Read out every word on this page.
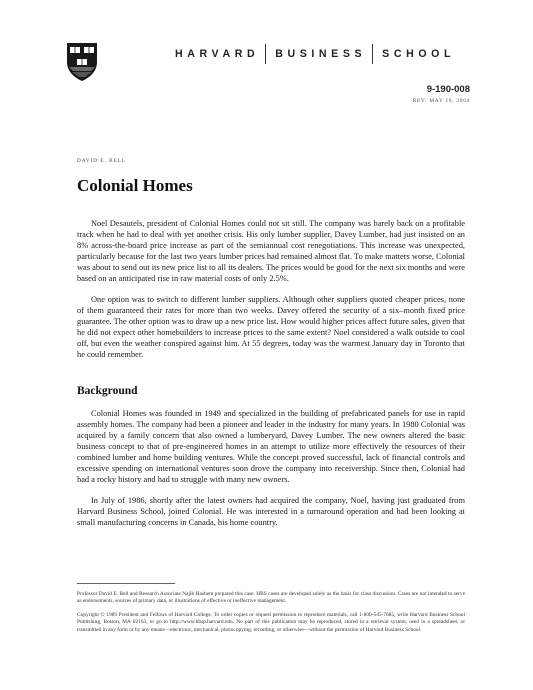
HARVARD BUSINESS SCHOOL
9-190-008
REV: MAY 10, 2004
DAVID E. BELL
Colonial Homes

Noel Desautels, president of Colonial Homes could not sit still. The company was barely back on a profitable track when he had to deal with yet another crisis. His only lumber supplier, Davey Lumber, had just insisted on an 8% across-the-board price increase as part of the semiannual cost renegotiations. This increase was unexpected, particularly because for the last two years lumber prices had remained almost flat. To make matters worse, Colonial was about to send out its new price list to all its dealers. The prices would be good for the next six months and were based on an anticipated rise in raw material costs of only 2.5%.

One option was to switch to different lumber suppliers. Although other suppliers quoted cheaper prices, none of them guaranteed their rates for more than two weeks. Davey offered the security of a six–month fixed price guarantee. The other option was to draw up a new price list. How would higher prices affect future sales, given that he did not expect other homebuilders to increase prices to the same extent? Noel considered a walk outside to cool off, but even the weather conspired against him. At 55 degrees, today was the warmest January day in Toronto that he could remember.

Background

Colonial Homes was founded in 1949 and specialized in the building of prefabricated panels for use in rapid assembly homes. The company had been a pioneer and leader in the industry for many years. In 1980 Colonial was acquired by a family concern that also owned a lumberyard, Davey Lumber. The new owners altered the basic business concept to that of pre-engineered homes in an attempt to utilize more effectively the resources of their combined lumber and home building ventures. While the concept proved successful, lack of financial controls and excessive spending on international ventures soon drove the company into receivership. Since then, Colonial had had a rocky history and had to struggle with many new owners.

In July of 1986, shortly after the latest owners had acquired the company, Noel, having just graduated from Harvard Business School, joined Colonial. He was interested in a turnaround operation and had been looking at small manufacturing concerns in Canada, his home country.

Professor David E. Bell and Research Associate Najib Hashem prepared this case. HBS cases are developed solely as the basis for class discussion. Cases are not intended to serve as endorsements, sources of primary data, or illustrations of effective or ineffective management.

Copyright © 1989 President and Fellows of Harvard College. To order copies or request permission to reproduce materials, call 1-800-545-7685, write Harvard Business School Publishing, Boston, MA 02163, or go to http://www.hbsp.harvard.edu. No part of this publication may be reproduced, stored in a retrieval system, used in a spreadsheet, or transmitted in any form or by any means—electronic, mechanical, photocopying, recording, or otherwise—without the permission of Harvard Business School.
